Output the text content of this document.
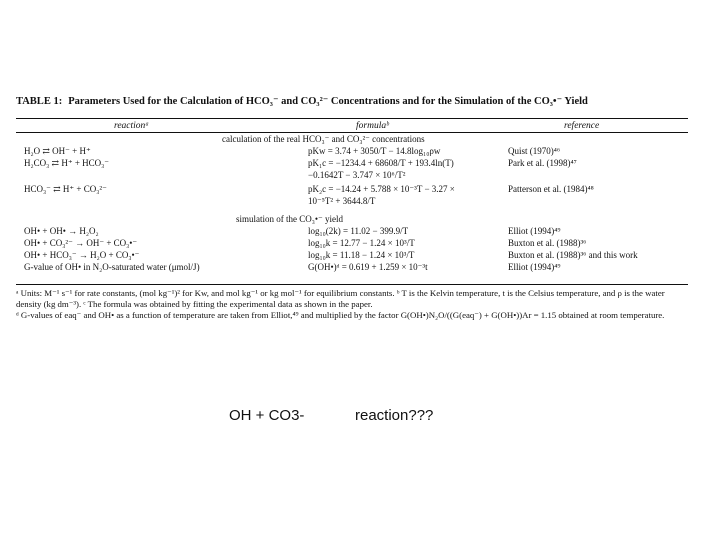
TABLE 1: Parameters Used for the Calculation of HCO₃⁻ and CO₃²⁻ Concentrations and for the Simulation of the CO₃•⁻ Yield

reactionᵃ	formulaᵇ	reference
calculation of the real HCO₃⁻ and CO₃²⁻ concentrations
H₂O ⇄ OH⁻ + H⁺	pKw = 3.74 + 3050/T − 14.8log₁₀ρw	Quist (1970)⁴⁶
H₂CO₃ ⇄ H⁺ + HCO₃⁻	pK₁c = −1234.4 + 68608/T + 193.4ln(T)	Park et al. (1998)⁴⁷
−0.1642T − 3.747 × 10⁶/T²
HCO₃⁻ ⇄ H⁺ + CO₃²⁻	pK₂c = −14.24 + 5.788 × 10⁻³T − 3.27 ×	Patterson et al. (1984)⁴⁸
10⁻⁵T² + 3644.8/T
simulation of the CO₃•⁻ yield
OH• + OH• → H₂O₂	log₁₀(2k) = 11.02 − 399.9/T	Elliot (1994)⁴⁹
OH• + CO₃²⁻ → OH⁻ + CO₃•⁻	log₁₀k = 12.77 − 1.24 × 10³/T	Buxton et al. (1988)³⁶
OH• + HCO₃⁻ → H₂O + CO₃•⁻	log₁₀k = 11.18 − 1.24 × 10³/T	Buxton et al. (1988)³⁶ and this work
G-value of OH• in N₂O-saturated water (μmol/J)	G(OH•)ᵈ = 0.619 + 1.259 × 10⁻³t	Elliot (1994)⁴⁹

ᵃ Units: M⁻¹ s⁻¹ for rate constants, (mol kg⁻¹)² for Kw, and mol kg⁻¹ or kg mol⁻¹ for equilibrium constants. ᵇ T is the Kelvin temperature, t is the Celsius temperature, and ρ is the water density (kg dm⁻³). ᶜ The formula was obtained by fitting the experimental data as shown in the paper.

ᵈ G-values of eaq⁻ and OH• as a function of temperature are taken from Elliot,⁴⁹ and multiplied by the factor G(OH•)N₂O/((G(eaq⁻) + G(OH•))Ar = 1.15 obtained at room temperature.

OH + CO3-	reaction???
